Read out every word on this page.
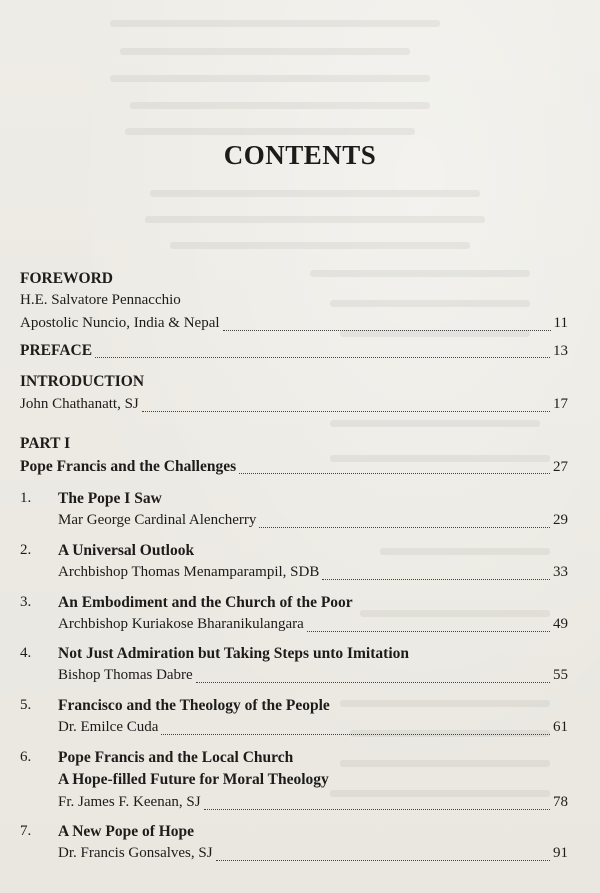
CONTENTS
FOREWORD
H.E. Salvatore Pennacchio
Apostolic Nuncio, India & Nepal	11
PREFACE	13
INTRODUCTION
John Chathanatt, SJ	17
PART I
Pope Francis and the Challenges	27
1. The Pope I Saw
Mar George Cardinal Alencherry	29
2. A Universal Outlook
Archbishop Thomas Menamparampil, SDB	33
3. An Embodiment and the Church of the Poor
Archbishop Kuriakose Bharanikulangara	49
4. Not Just Admiration but Taking Steps unto Imitation
Bishop Thomas Dabre	55
5. Francisco and the Theology of the People
Dr. Emilce Cuda	61
6. Pope Francis and the Local Church
A Hope-filled Future for Moral Theology
Fr. James F. Keenan, SJ	78
7. A New Pope of Hope
Dr. Francis Gonsalves, SJ	91
